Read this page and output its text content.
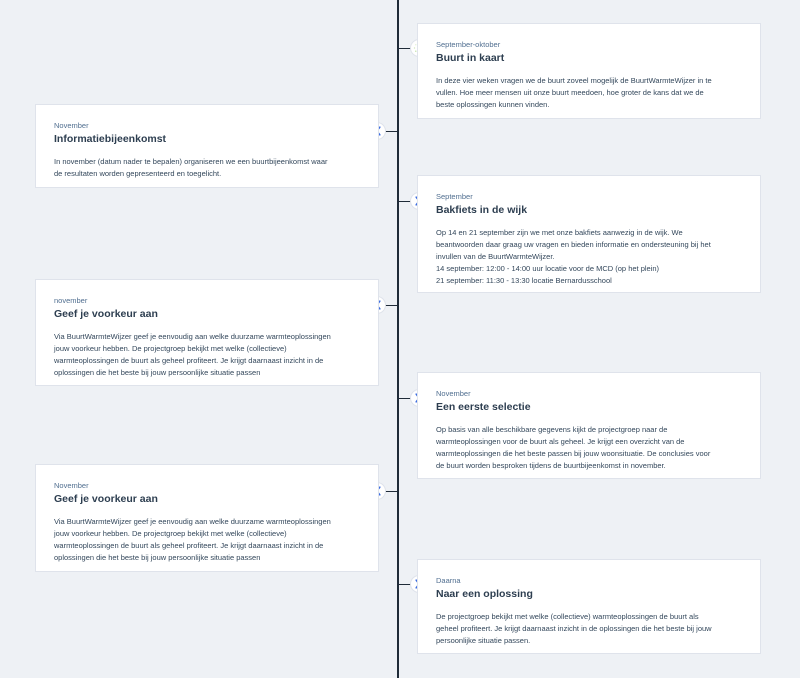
September-oktober

Buurt in kaart

In deze vier weken vragen we de buurt zoveel mogelijk de BuurtWarmteWijzer in te
vullen. Hoe meer mensen uit onze buurt meedoen, hoe groter de kans dat we de
beste oplossingen kunnen vinden.

November

Informatiebijeenkomst

In november (datum nader te bepalen) organiseren we een buurtbijeenkomst waar
de resultaten worden gepresenteerd en toegelicht.

September

Bakfiets in de wijk

Op 14 en 21 september zijn we met onze bakfiets aanwezig in de wijk. We
beantwoorden daar graag uw vragen en bieden informatie en ondersteuning bij het
invullen van de BuurtWarmteWijzer.
14 september: 12:00 - 14:00 uur locatie voor de MCD (op het plein)
21 september: 11:30 - 13:30 locatie Bernardusschool

november

Geef je voorkeur aan

Via BuurtWarmteWijzer geef je eenvoudig aan welke duurzame warmteoplossingen
jouw voorkeur hebben. De projectgroep bekijkt met welke (collectieve)
warmteoplossingen de buurt als geheel profiteert. Je krijgt daarnaast inzicht in de
oplossingen die het beste bij jouw persoonlijke situatie passen

November

Een eerste selectie

Op basis van alle beschikbare gegevens kijkt de projectgroep naar de
warmteoplossingen voor de buurt als geheel. Je krijgt een overzicht van de
warmteoplossingen die het beste passen bij jouw woonsituatie. De conclusies voor
de buurt worden besproken tijdens de buurtbijeenkomst in november.

November

Geef je voorkeur aan

Via BuurtWarmteWijzer geef je eenvoudig aan welke duurzame warmteoplossingen
jouw voorkeur hebben. De projectgroep bekijkt met welke (collectieve)
warmteoplossingen de buurt als geheel profiteert. Je krijgt daarnaast inzicht in de
oplossingen die het beste bij jouw persoonlijke situatie passen

Daarna

Naar een oplossing

De projectgroep bekijkt met welke (collectieve) warmteoplossingen de buurt als
geheel profiteert. Je krijgt daarnaast inzicht in de oplossingen die het beste bij jouw
persoonlijke situatie passen.
